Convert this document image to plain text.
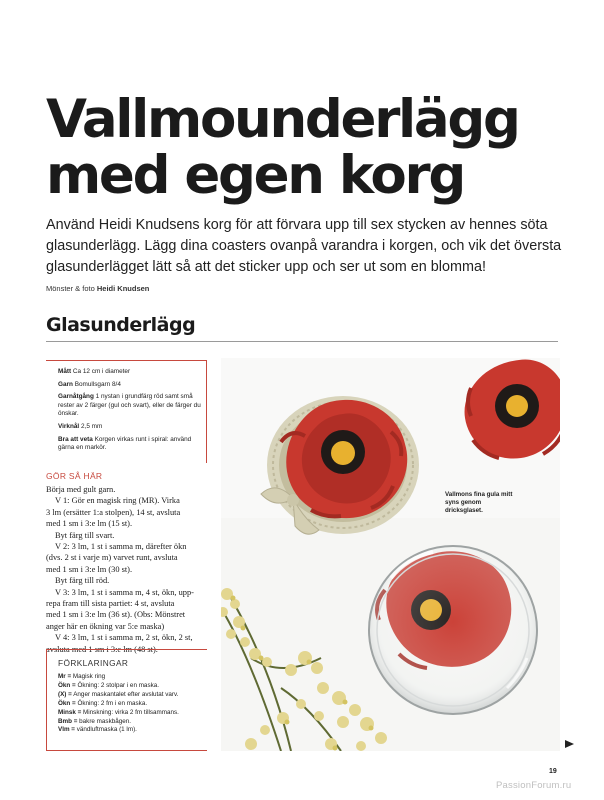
Vallmounderlägg
med egen korg
Använd Heidi Knudsens korg för att förvara upp till sex stycken av hennes söta glasunderlägg. Lägg dina coasters ovanpå varandra i korgen, och vik det översta glasunderlägget lätt så att det sticker upp och ser ut som en blomma!
Mönster & foto Heidi Knudsen
Glasunderlägg
Mått Ca 12 cm i diameter
Garn Bomullsgarn 8/4
Garnåtgång 1 nystan i grundfärg röd samt små rester av 2 färger (gul och svart), eller de färger du önskar.
Virknål 2,5 mm
Bra att veta Korgen virkas runt i spiral: använd gärna en markör.
GÖR SÅ HÄR
Börja med gult garn.
V 1: Gör en magisk ring (MR). Virka
3 lm (ersätter 1:a stolpen), 14 st, avsluta
med 1 sm i 3:e lm (15 st).
Byt färg till svart.
V 2: 3 lm, 1 st i samma m, därefter ökn
(dvs. 2 st i varje m) varvet runt, avsluta
med 1 sm i 3:e lm (30 st).
Byt färg till röd.
V 3: 3 lm, 1 st i samma m, 4 st, ökn, upp-
repa fram till sista partiet: 4 st, avsluta
med 1 sm i 3:e lm (36 st). (Obs: Mönstret
anger här en ökning var 5:e maska)
V 4: 3 lm, 1 st i samma m, 2 st, ökn, 2 st,
avsluta med 1 sm i 3:e lm (48 st).
FÖRKLARINGAR
Mr = Magisk ring
Ökn = Ökning: 2 stolpar i en maska.
(X) = Anger maskantalet efter avslutat varv.
Ökn = Ökning: 2 fm i en maska.
Minsk = Minskning: virka 2 fm tillsammans.
Bmb = bakre maskbågen.
Vlm = vändluftmaska (1 lm).
Vallmons fina gula mitt syns genom dricksglaset.
19
PassionForum.ru
